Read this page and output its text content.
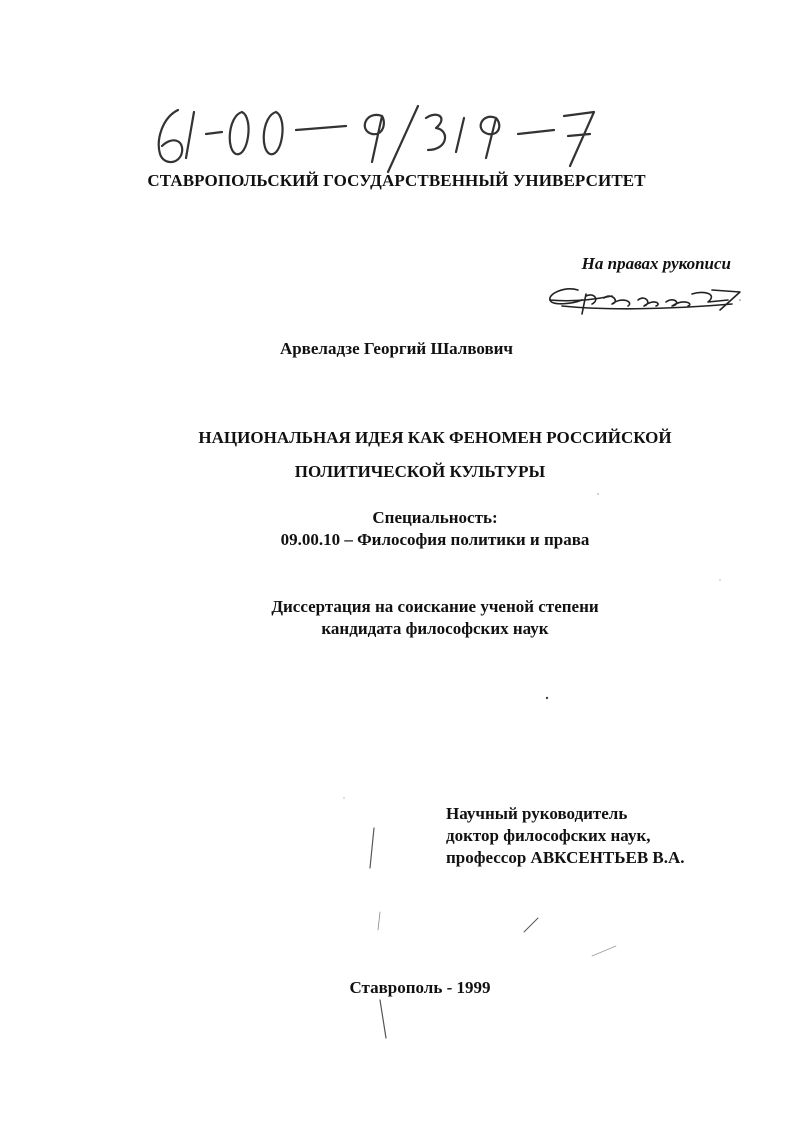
СТАВРОПОЛЬСКИЙ ГОСУДАРСТВЕННЫЙ УНИВЕРСИТЕТ
На правах рукописи
Арвеладзе Георгий Шалвович
НАЦИОНАЛЬНАЯ ИДЕЯ КАК ФЕНОМЕН РОССИЙСКОЙ
ПОЛИТИЧЕСКОЙ КУЛЬТУРЫ
Специальность:
09.00.10 – Философия политики и права
Диссертация на соискание ученой степени
кандидата философских наук
Научный руководитель
доктор философских наук,
профессор АВКСЕНТЬЕВ В.А.
Ставрополь - 1999
